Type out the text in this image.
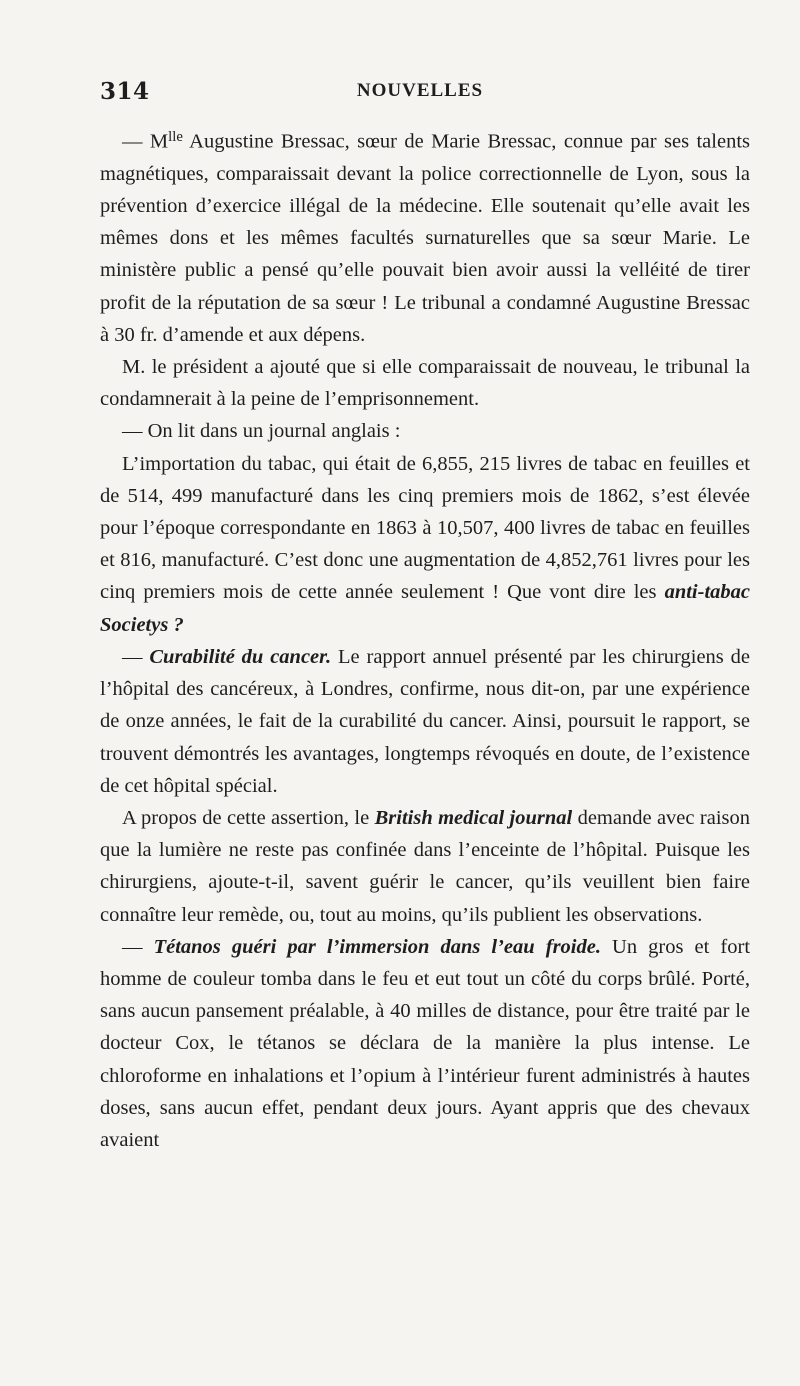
314	NOUVELLES

— $M^{lle}$ Augustine Bressac, sœur de Marie Bressac, connue par ses talents magnétiques, comparaissait devant la police correctionnelle de Lyon, sous la prévention d’exercice illégal de la médecine. Elle soutenait qu’elle avait les mêmes dons et les mêmes facultés surnaturelles que sa sœur Marie. Le ministère public a pensé qu’elle pouvait bien avoir aussi la velléité de tirer profit de la réputation de sa sœur ! Le tribunal a condamné Augustine Bressac à 30 fr. d’amende et aux dépens.

M. le président a ajouté que si elle comparaissait de nouveau, le tribunal la condamnerait à la peine de l’emprisonnement.

— On lit dans un journal anglais :

L’importation du tabac, qui était de 6,855, 215 livres de tabac en feuilles et de 514, 499 manufacturé dans les cinq premiers mois de 1862, s’est élevée pour l’époque correspondante en 1863 à 10,507, 400 livres de tabac en feuilles et 816, manufacturé. C’est donc une augmentation de 4,852,761 livres pour les cinq premiers mois de cette année seulement ! Que vont dire les anti-tabac Societys ?

— Curabilité du cancer. Le rapport annuel présenté par les chirurgiens de l’hôpital des cancéreux, à Londres, confirme, nous dit-on, par une expérience de onze années, le fait de la curabilité du cancer. Ainsi, poursuit le rapport, se trouvent démontrés les avantages, longtemps révoqués en doute, de l’existence de cet hôpital spécial.

A propos de cette assertion, le British medical journal demande avec raison que la lumière ne reste pas confinée dans l’enceinte de l’hôpital. Puisque les chirurgiens, ajoute-t-il, savent guérir le cancer, qu’ils veuillent bien faire connaître leur remède, ou, tout au moins, qu’ils publient les observations.

— Tétanos guéri par l’immersion dans l’eau froide. Un gros et fort homme de couleur tomba dans le feu et eut tout un côté du corps brûlé. Porté, sans aucun pansement préalable, à 40 milles de distance, pour être traité par le docteur Cox, le tétanos se déclara de la manière la plus intense. Le chloroforme en inhalations et l’opium à l’intérieur furent administrés à hautes doses, sans aucun effet, pendant deux jours. Ayant appris que des chevaux avaient
